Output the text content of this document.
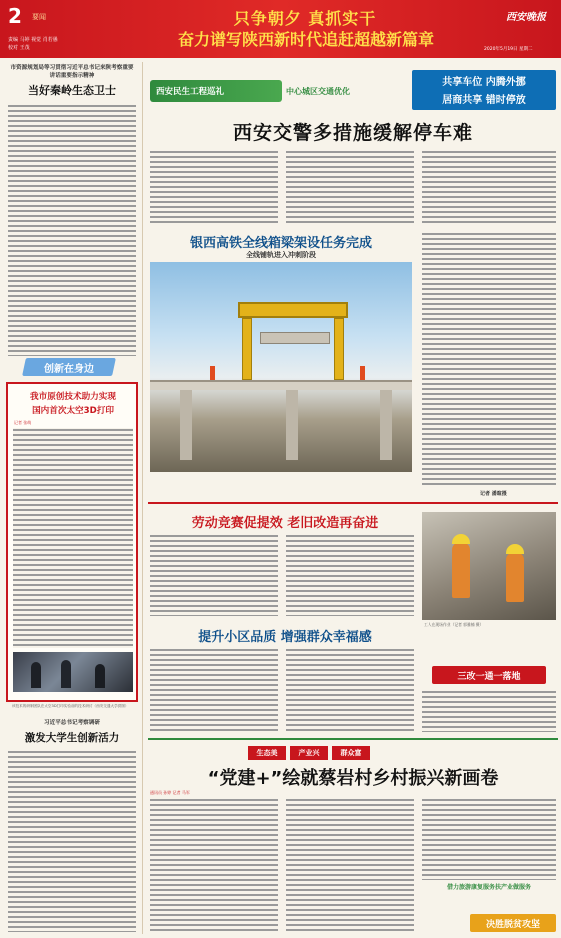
2 要闻
责编 马婷 视觉 肖若愚
校对 王茂
只争朝夕 真抓实干
奋力谱写陕西新时代追赶超越新篇章
西安晚报
2020年5月19日 星期二
市资源规划局等习贯彻习近平总书记来陕考察重要讲话重要指示精神
当好秦岭生态卫士
创新在身边
我市原创技术助力实现
国内首次太空3D打印
记者 张萌
该技术的研制团队在太空3D打印实验前的技术研讨（西安交通大学供图）
习近平总书记考察调研
激发大学生创新活力
西安民生工程巡礼	中心城区交通优化
共享车位 内腾外挪
居商共享 错时停放
西安交警多措施缓解停车难
银西高铁全线箱梁架设任务完成
全线铺轨进入冲刺阶段
记者 潘暄摄
劳动竞赛促提效 老旧改造再奋进
工人在现场作业（记者 郭雅楠 摄）
提升小区品质 增强群众幸福感
三改一通一落地
生态美	产业兴	群众富
“党建+”绘就蔡岩村乡村振兴新画卷
通讯员 孙婷 记者 马军
借力旅游康复服务扶产业做服务
决胜脱贫攻坚
